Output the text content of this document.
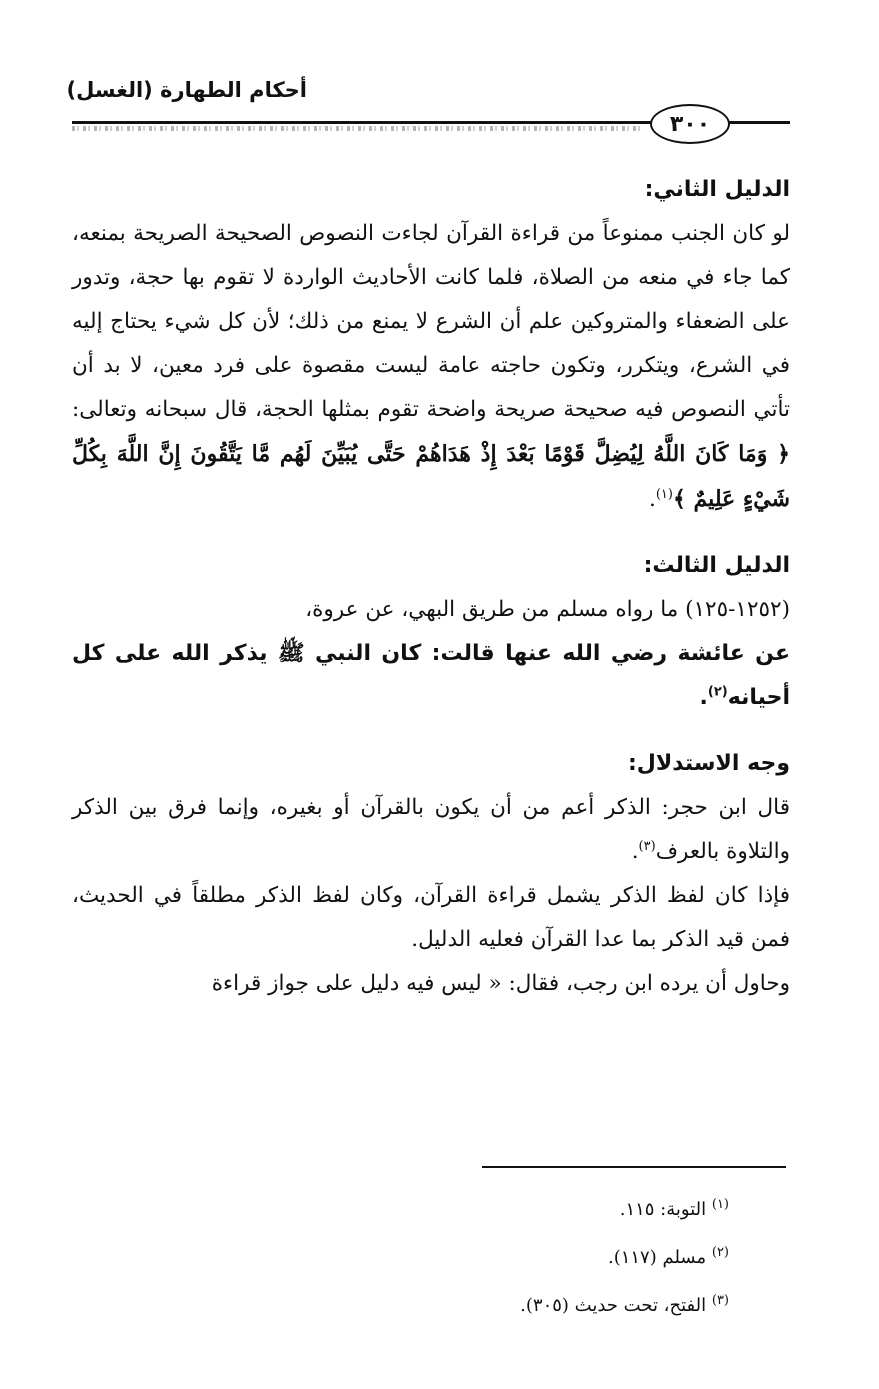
أحكام الطهارة (الغسل)
٣٠٠

الدليل الثاني:

لو كان الجنب ممنوعاً من قراءة القرآن لجاءت النصوص الصحيحة الصريحة بمنعه، كما جاء في منعه من الصلاة، فلما كانت الأحاديث الواردة لا تقوم بها حجة، وتدور على الضعفاء والمتروكين علم أن الشرع لا يمنع من ذلك؛ لأن كل شيء يحتاج إليه في الشرع، ويتكرر، وتكون حاجته عامة ليست مقصوة على فرد معين، لا بد أن تأتي النصوص فيه صحيحة صريحة واضحة تقوم بمثلها الحجة، قال سبحانه وتعالى: ﴿ وَمَا كَانَ اللَّهُ لِيُضِلَّ قَوْمًا بَعْدَ إِذْ هَدَاهُمْ حَتَّى يُبَيِّنَ لَهُم مَّا يَتَّقُونَ إِنَّ اللَّهَ بِكُلِّ شَيْءٍ عَلِيمٌ ﴾$^{(١)}$.

الدليل الثالث:

(١٢٥٢-١٢٥) ما رواه مسلم من طريق البهي، عن عروة،

عن عائشة رضي الله عنها قالت: كان النبي ﷺ يذكر الله على كل أحيانه$^{(٢)}$.

وجه الاستدلال:

قال ابن حجر: الذكر أعم من أن يكون بالقرآن أو بغيره، وإنما فرق بين الذكر والتلاوة بالعرف$^{(٣)}$.

فإذا كان لفظ الذكر يشمل قراءة القرآن، وكان لفظ الذكر مطلقاً في الحديث، فمن قيد الذكر بما عدا القرآن فعليه الدليل.

وحاول أن يرده ابن رجب، فقال: « ليس فيه دليل على جواز قراءة

$^{(١)}$ التوبة: ١١٥.
$^{(٢)}$ مسلم (١١٧).
$^{(٣)}$ الفتح، تحت حديث (٣٠٥).
